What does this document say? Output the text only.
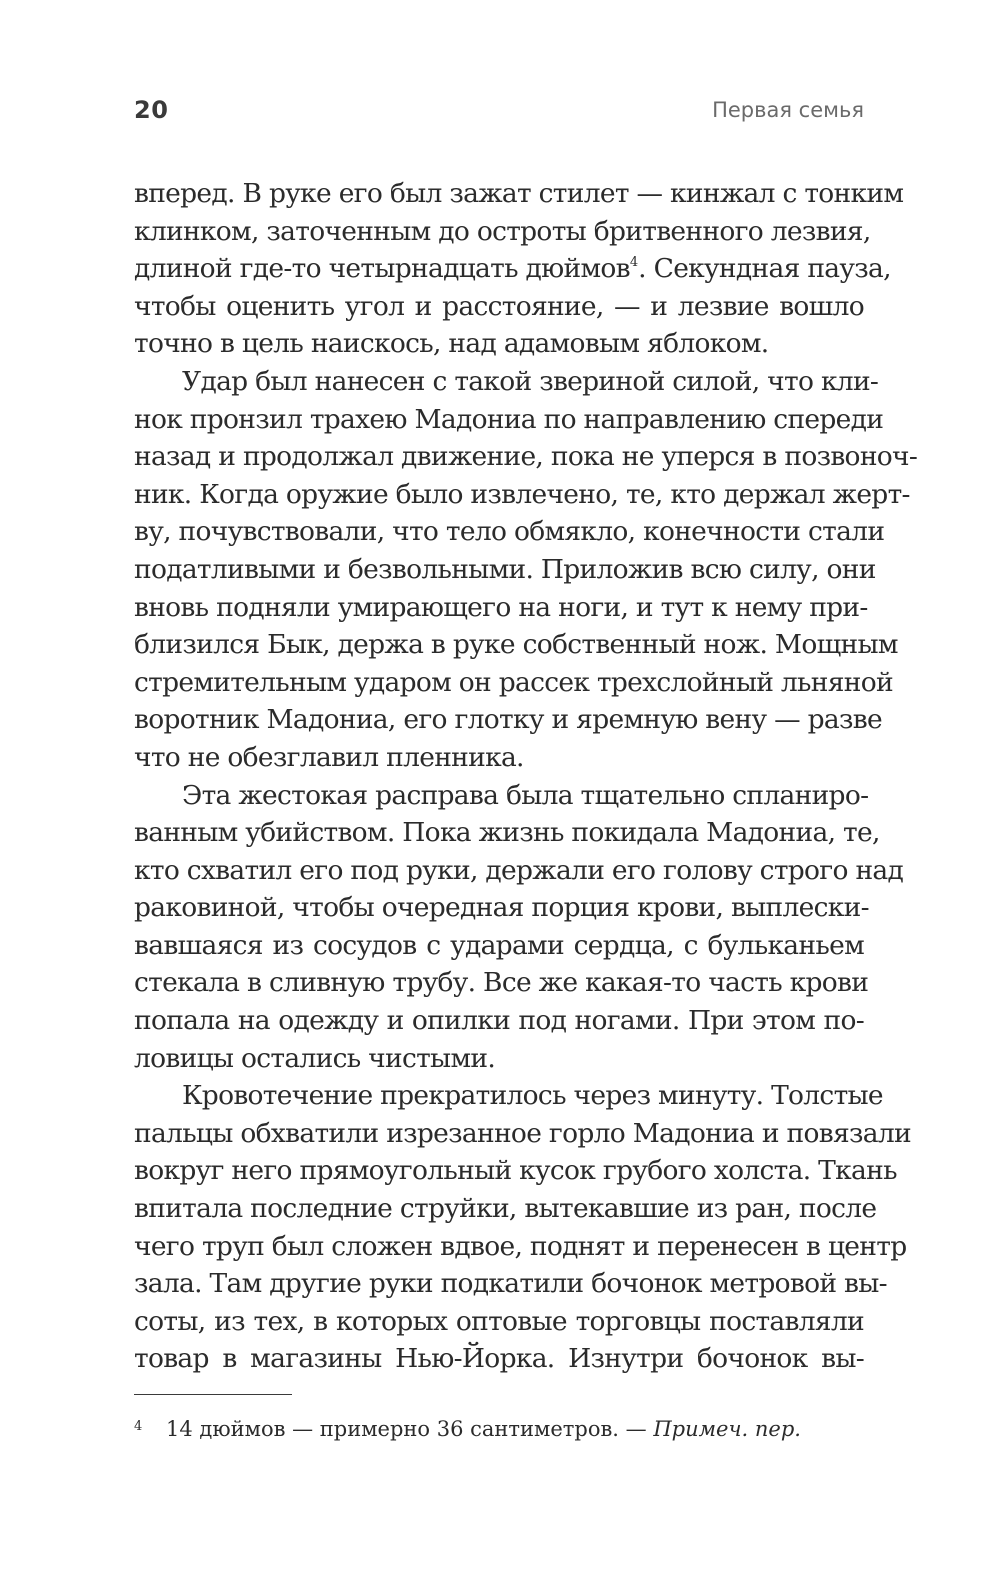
20	Первая семья
вперед. В руке его был зажат стилет — кинжал с тонким
клинком, заточенным до остроты бритвенного лезвия,
длиной где-то четырнадцать дюймов$^4$. Секундная пауза,
чтобы оценить угол и расстояние, — и лезвие вошло
точно в цель наискось, над адамовым яблоком.
Удар был нанесен с такой звериной силой, что кли-
нок пронзил трахею Мадониа по направлению спереди
назад и продолжал движение, пока не уперся в позвоноч-
ник. Когда оружие было извлечено, те, кто держал жерт-
ву, почувствовали, что тело обмякло, конечности стали
податливыми и безвольными. Приложив всю силу, они
вновь подняли умирающего на ноги, и тут к нему при-
близился Бык, держа в руке собственный нож. Мощным
стремительным ударом он рассек трехслойный льняной
воротник Мадониа, его глотку и яремную вену — разве
что не обезглавил пленника.
Эта жестокая расправа была тщательно спланиро-
ванным убийством. Пока жизнь покидала Мадониа, те,
кто схватил его под руки, держали его голову строго над
раковиной, чтобы очередная порция крови, выплески-
вавшаяся из сосудов с ударами сердца, с бульканьем
стекала в сливную трубу. Все же какая-то часть крови
попала на одежду и опилки под ногами. При этом по-
ловицы остались чистыми.
Кровотечение прекратилось через минуту. Толстые
пальцы обхватили изрезанное горло Мадониа и повязали
вокруг него прямоугольный кусок грубого холста. Ткань
впитала последние струйки, вытекавшие из ран, после
чего труп был сложен вдвое, поднят и перенесен в центр
зала. Там другие руки подкатили бочонок метровой вы-
соты, из тех, в которых оптовые торговцы поставляли
товар в магазины Нью-Йорка. Изнутри бочонок вы-
4 14 дюймов — примерно 36 сантиметров. — Примеч. пер.
